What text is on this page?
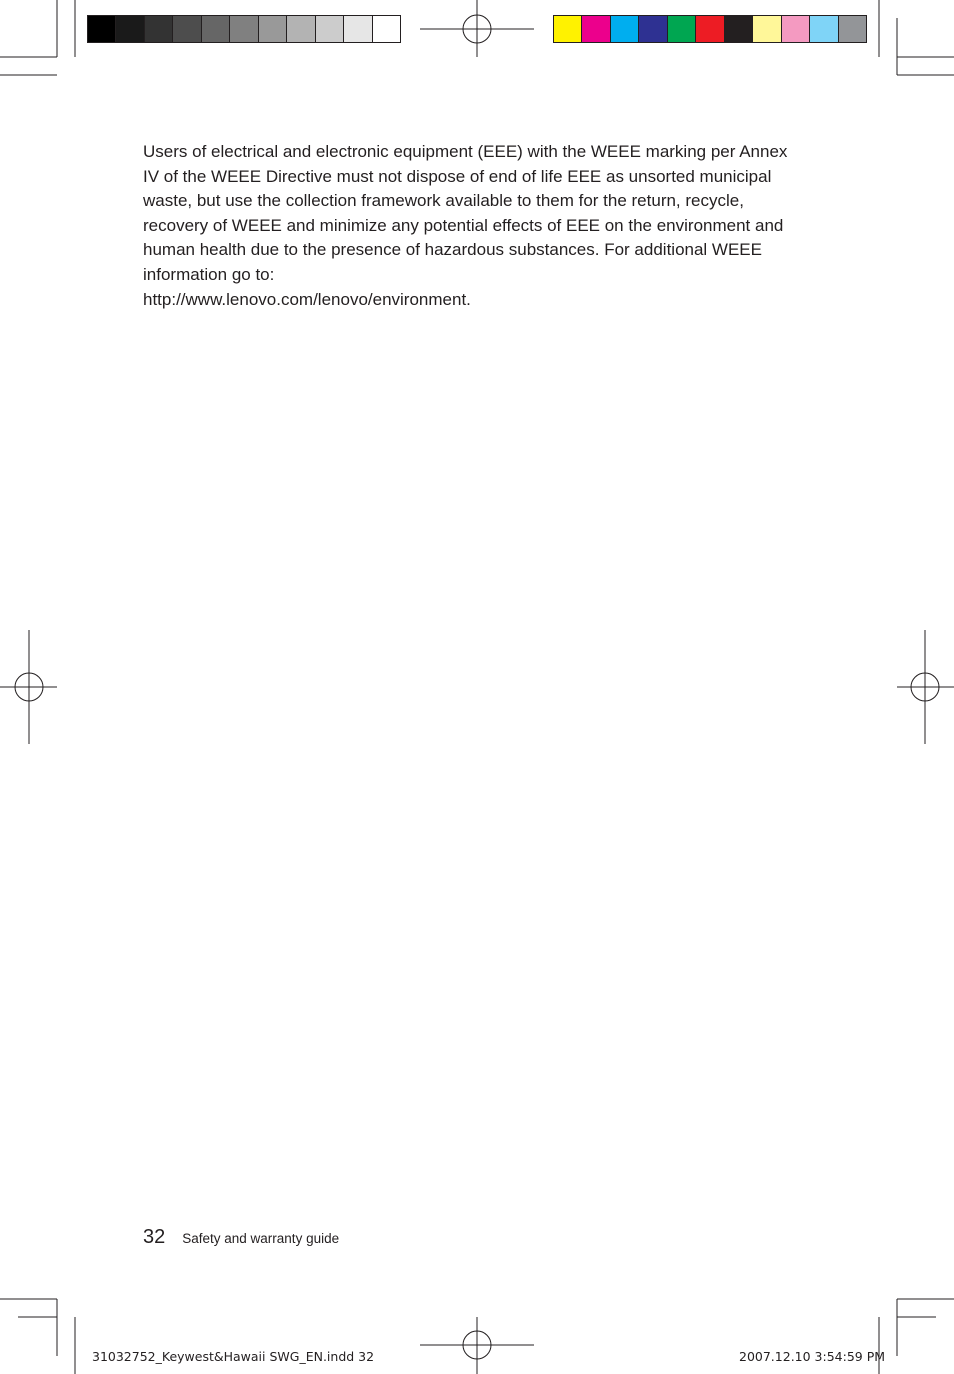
Users of electrical and electronic equipment (EEE) with the WEEE marking per Annex IV of the WEEE Directive must not dispose of end of life EEE as unsorted municipal waste, but use the collection framework available to them for the return, recycle, recovery of WEEE and minimize any potential effects of EEE on the environment and human health due to the presence of hazardous substances. For additional WEEE information go to:
http://www.lenovo.com/lenovo/environment.

32 Safety and warranty guide
31032752_Keywest&Hawaii SWG_EN.indd 32	2007.12.10 3:54:59 PM
